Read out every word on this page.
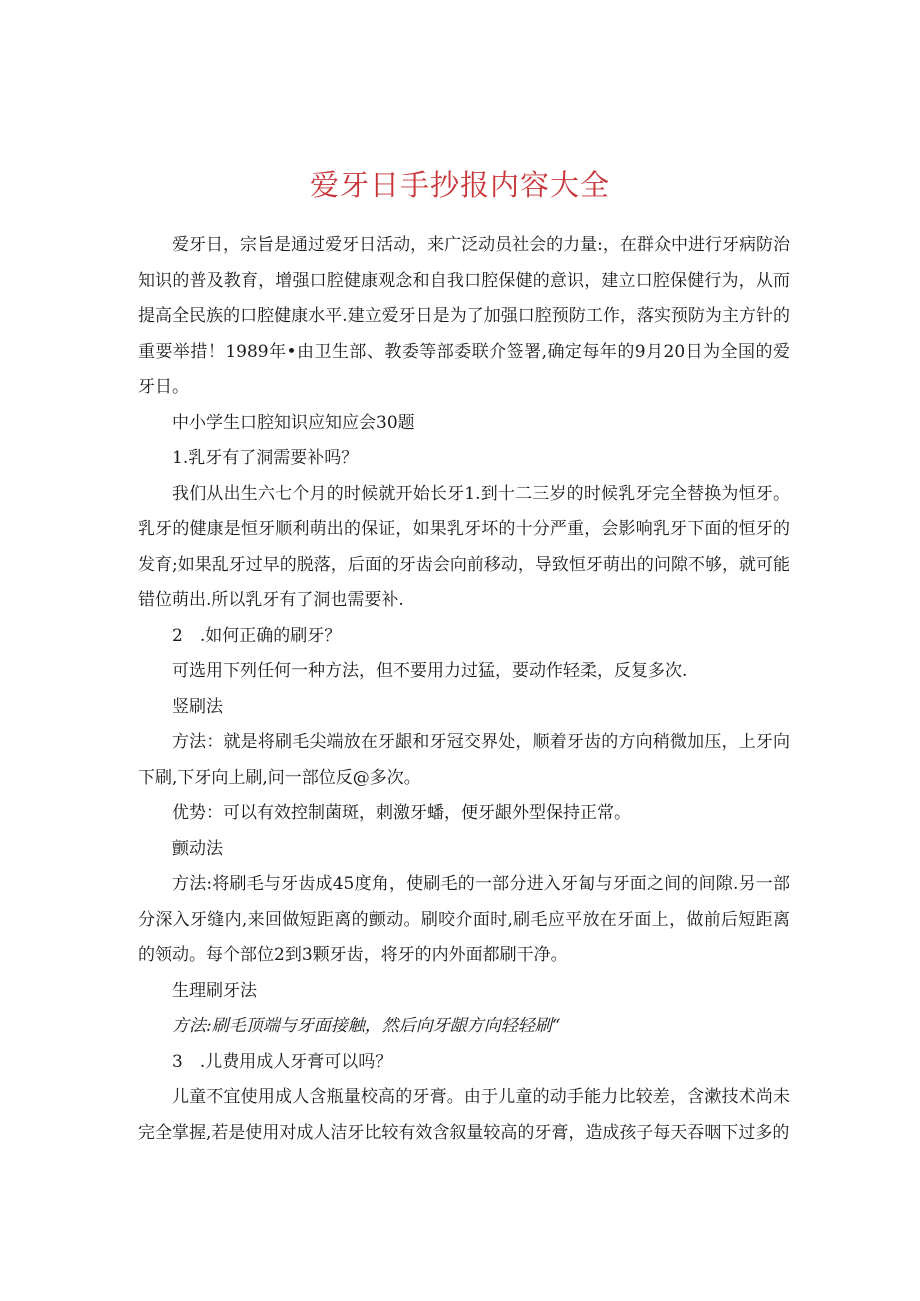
爱牙日手抄报内容大全

爱牙日，宗旨是通过爱牙日活动，来广泛动员社会的力量:，在群众中进行牙病防治知识的普及教育，增强口腔健康观念和自我口腔保健的意识，建立口腔保健行为，从而提高全民族的口腔健康水平.建立爱牙日是为了加强口腔预防工作，落实预防为主方针的重要举措！1989年•由卫生部、教委等部委联介签署,确定每年的9月20日为全国的爱牙日。

中小学生口腔知识应知应会30题

1.乳牙有了洞需要补吗？

我们从出生六七个月的时候就开始长牙1.到十二三岁的时候乳牙完全替换为恒牙。乳牙的健康是恒牙顺利萌出的保证，如果乳牙坏的十分严重，会影响乳牙下面的恒牙的发育;如果乱牙过早的脱落，后面的牙齿会向前移动，导致恒牙萌出的问隙不够，就可能错位萌出.所以乳牙有了洞也需要补.

2　.如何正确的刷牙？

可选用下列任何一种方法，但不要用力过猛，要动作轻柔，反复多次.

竖刷法

方法：就是将刷毛尖端放在牙龈和牙冠交界处，顺着牙齿的方向稍微加压，上牙向下刷,下牙向上刷,问一部位反@多次。

优势：可以有效控制菌斑，刺激牙蟠，便牙龈外型保持正常。

颤动法

方法:将刷毛与牙齿成45度角，使刷毛的一部分进入牙匐与牙面之间的间隙.另一部分深入牙缝内,来回做短距离的颤动。刷咬介面时,刷毛应平放在牙面上，做前后短距离的领动。每个部位2到3颗牙齿，将牙的内外面都刷干净。

生理刷牙法

方法:刷毛顶端与牙面接触，然后向牙龈方向轻轻刷“

3　.儿费用成人牙膏可以吗？

儿童不宜使用成人含瓶量校高的牙膏。由于儿童的动手能力比较差，含漱技术尚未完全掌握,若是使用对成人洁牙比较有效含叙量较高的牙膏，造成孩子每天吞咽下过多的
